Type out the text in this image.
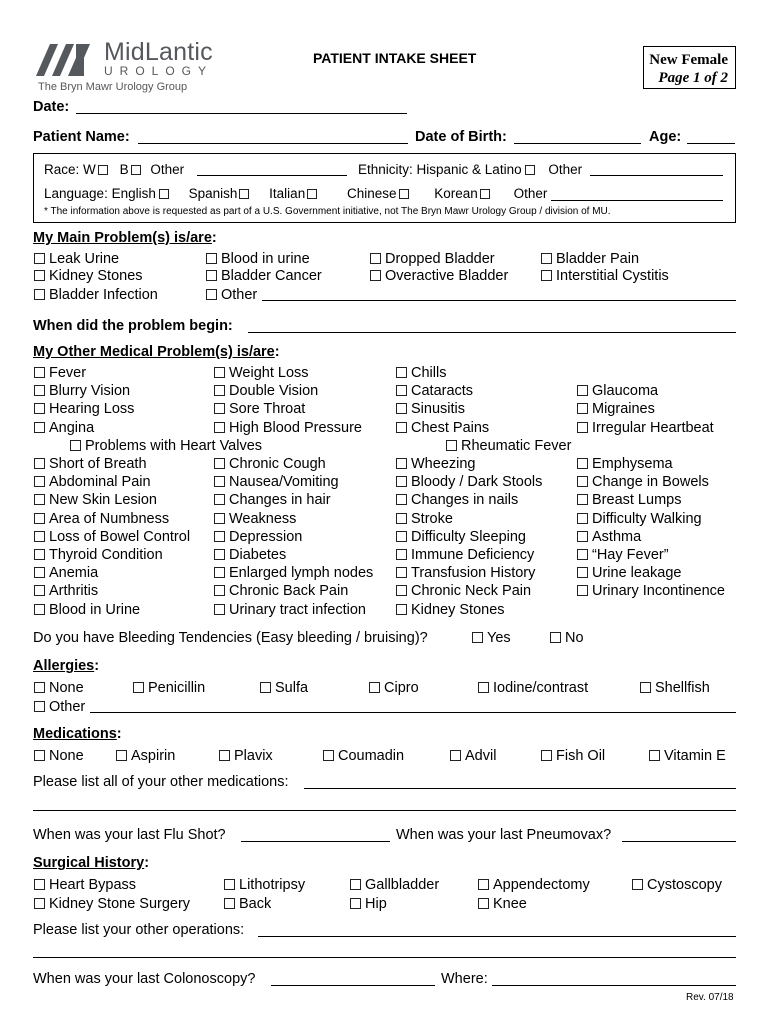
MidLantic
UROLOGY
The Bryn Mawr Urology Group
PATIENT INTAKE SHEET	New Female
Page 1 of 2
Date:
Patient Name:	Date of Birth:	Age:
Race: W B Other	Ethnicity: Hispanic & Latino Other
Language: English Spanish Italian	Chinese	Korean	Other
* The information above is requested as part of a U.S. Government initiative, not The Bryn Mawr Urology Group / division of MU.
My Main Problem(s) is/are:
Leak Urine	Blood in urine	Dropped Bladder	Bladder Pain
Kidney Stones	Bladder Cancer	Overactive Bladder	Interstitial Cystitis
Bladder Infection	Other
When did the problem begin:
My Other Medical Problem(s) is/are:
Fever	Weight Loss	Chills
Blurry Vision	Double Vision	Cataracts	Glaucoma
Hearing Loss	Sore Throat	Sinusitis	Migraines
Angina	High Blood Pressure	Chest Pains	Irregular Heartbeat
Problems with Heart Valves	Rheumatic Fever
Short of Breath	Chronic Cough	Wheezing	Emphysema
Abdominal Pain	Nausea/Vomiting	Bloody / Dark Stools	Change in Bowels
New Skin Lesion	Changes in hair	Changes in nails	Breast Lumps
Area of Numbness	Weakness	Stroke	Difficulty Walking
Loss of Bowel Control	Depression	Difficulty Sleeping	Asthma
Thyroid Condition	Diabetes	Immune Deficiency	“Hay Fever”
Anemia	Enlarged lymph nodes	Transfusion History	Urine leakage
Arthritis	Chronic Back Pain	Chronic Neck Pain	Urinary Incontinence
Blood in Urine	Urinary tract infection	Kidney Stones
Do you have Bleeding Tendencies (Easy bleeding / bruising)?	Yes	No
Allergies:
None	Penicillin	Sulfa	Cipro	Iodine/contrast	Shellfish
Other
Medications:
None	Aspirin	Plavix	Coumadin	Advil	Fish Oil	Vitamin E
Please list all of your other medications:
When was your last Flu Shot?	When was your last Pneumovax?
Surgical History:
Heart Bypass	Lithotripsy	Gallbladder	Appendectomy	Cystoscopy
Kidney Stone Surgery	Back	Hip	Knee
Please list your other operations:
When was your last Colonoscopy?	Where:
Rev. 07/18
